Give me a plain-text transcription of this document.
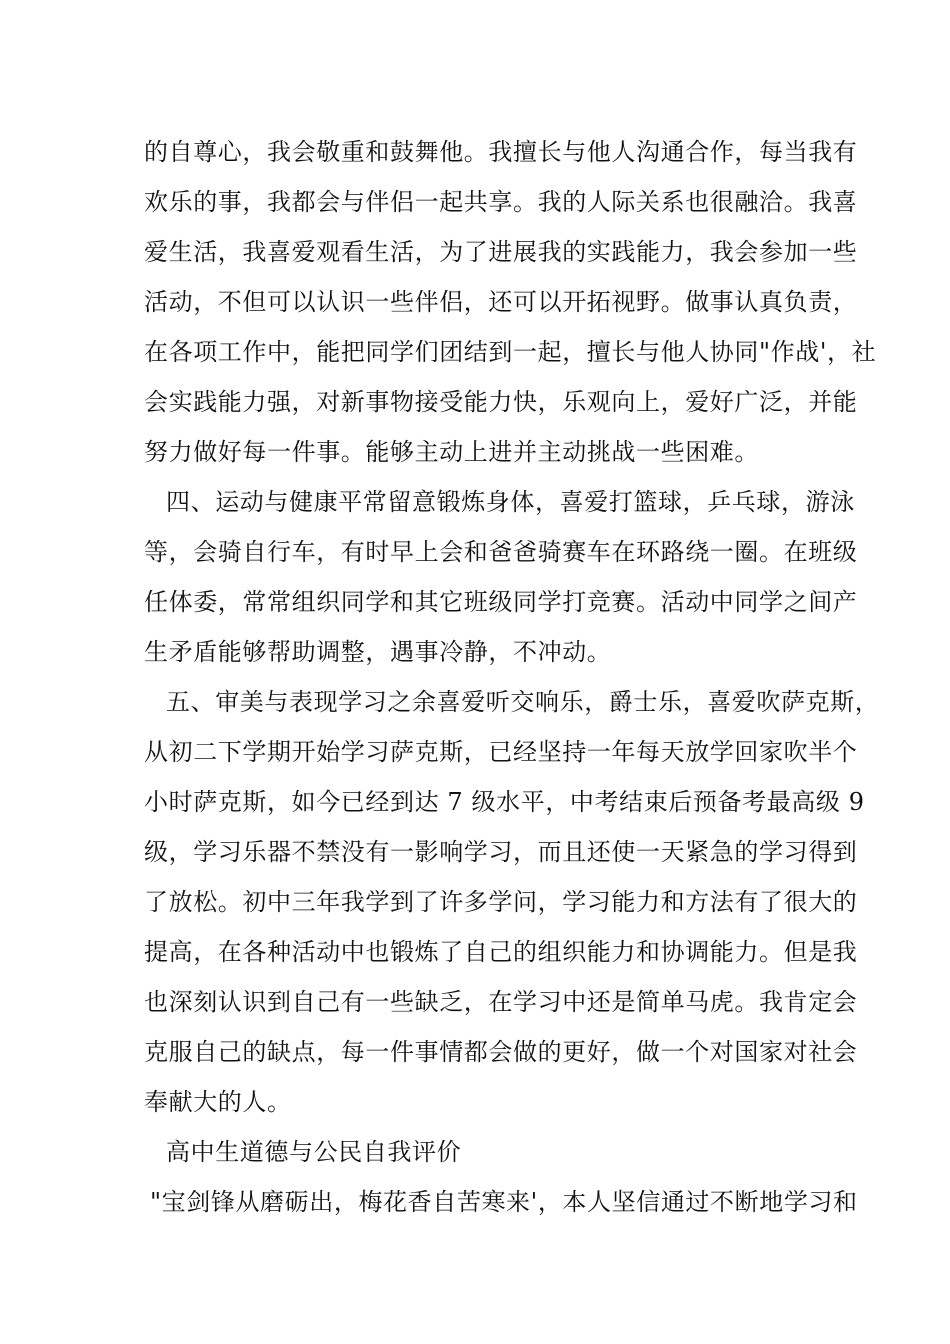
的自尊心，我会敬重和鼓舞他。我擅长与他人沟通合作，每当我有
欢乐的事，我都会与伴侣一起共享。我的人际关系也很融洽。我喜
爱生活，我喜爱观看生活，为了进展我的实践能力，我会参加一些
活动，不但可以认识一些伴侣，还可以开拓视野。做事认真负责，
在各项工作中，能把同学们团结到一起，擅长与他人协同"作战'，社
会实践能力强，对新事物接受能力快，乐观向上，爱好广泛，并能
努力做好每一件事。能够主动上进并主动挑战一些困难。
四、运动与健康平常留意锻炼身体，喜爱打篮球，乒乓球，游泳
等，会骑自行车，有时早上会和爸爸骑赛车在环路绕一圈。在班级
任体委，常常组织同学和其它班级同学打竞赛。活动中同学之间产
生矛盾能够帮助调整，遇事冷静，不冲动。
五、审美与表现学习之余喜爱听交响乐，爵士乐，喜爱吹萨克斯，
从初二下学期开始学习萨克斯，已经坚持一年每天放学回家吹半个
小时萨克斯，如今已经到达 7 级水平，中考结束后预备考最高级 9
级，学习乐器不禁没有一影响学习，而且还使一天紧急的学习得到
了放松。初中三年我学到了许多学问，学习能力和方法有了很大的
提高，在各种活动中也锻炼了自己的组织能力和协调能力。但是我
也深刻认识到自己有一些缺乏，在学习中还是简单马虎。我肯定会
克服自己的缺点，每一件事情都会做的更好，做一个对国家对社会
奉献大的人。
高中生道德与公民自我评价
"宝剑锋从磨砺出，梅花香自苦寒来'，本人坚信通过不断地学习和
